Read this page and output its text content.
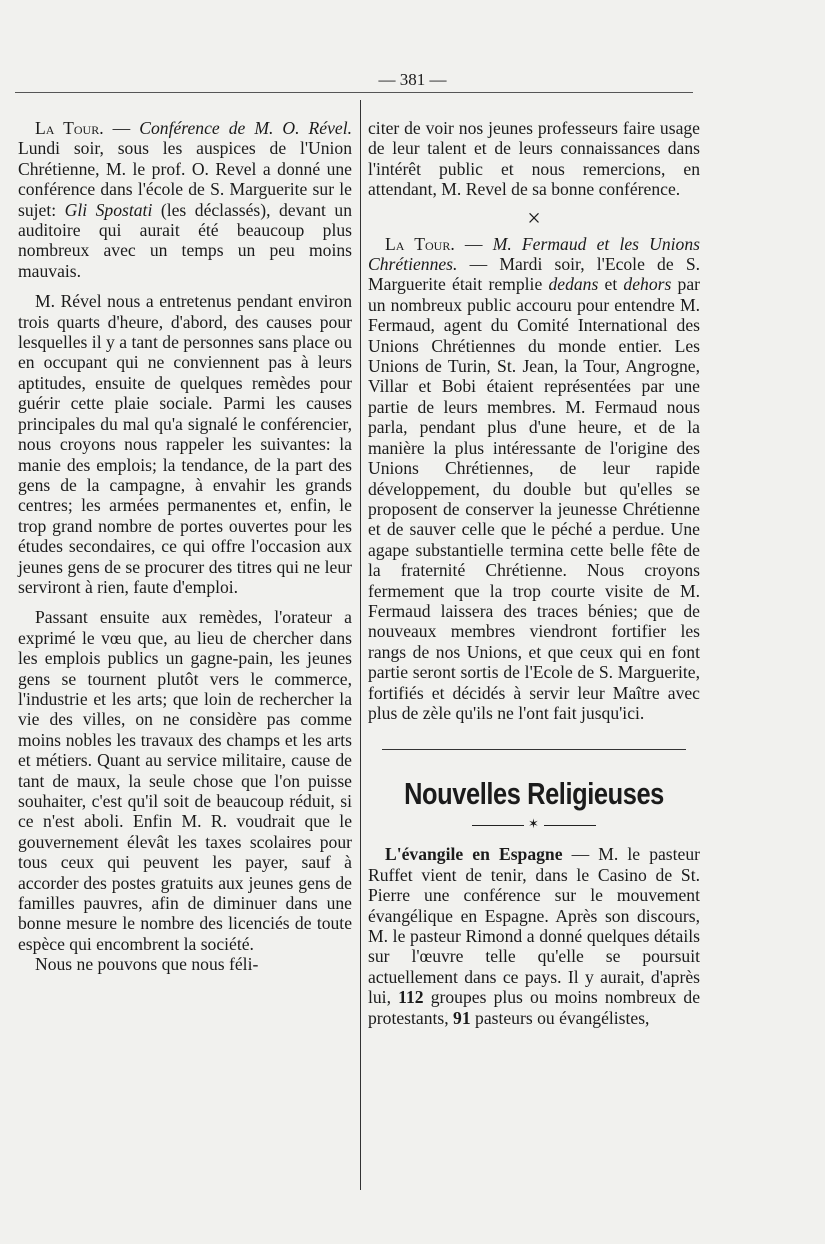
— 381 —

La Tour. — Conférence de M. O. Rével. Lundi soir, sous les auspices de l'Union Chrétienne, M. le prof. O. Revel a donné une conférence dans l'école de S. Marguerite sur le sujet: Gli Spostati (les déclassés), devant un auditoire qui aurait été beaucoup plus nombreux avec un temps un peu moins mauvais.

M. Rével nous a entretenus pendant environ trois quarts d'heure, d'abord, des causes pour lesquelles il y a tant de personnes sans place ou en occupant qui ne conviennent pas à leurs aptitudes, ensuite de quelques remèdes pour guérir cette plaie sociale. Parmi les causes principales du mal qu'a signalé le conférencier, nous croyons nous rappeler les suivantes: la manie des emplois; la tendance, de la part des gens de la campagne, à envahir les grands centres; les armées permanentes et, enfin, le trop grand nombre de portes ouvertes pour les études secondaires, ce qui offre l'occasion aux jeunes gens de se procurer des titres qui ne leur serviront à rien, faute d'emploi.

Passant ensuite aux remèdes, l'orateur a exprimé le vœu que, au lieu de chercher dans les emplois publics un gagne-pain, les jeunes gens se tournent plutôt vers le commerce, l'industrie et les arts; que loin de rechercher la vie des villes, on ne considère pas comme moins nobles les travaux des champs et les arts et métiers. Quant au service militaire, cause de tant de maux, la seule chose que l'on puisse souhaiter, c'est qu'il soit de beaucoup réduit, si ce n'est aboli. Enfin M. R. voudrait que le gouvernement élevât les taxes scolaires pour tous ceux qui peuvent les payer, sauf à accorder des postes gratuits aux jeunes gens de familles pauvres, afin de diminuer dans une bonne mesure le nombre des licenciés de toute espèce qui encombrent la société.

Nous ne pouvons que nous féli-

citer de voir nos jeunes professeurs faire usage de leur talent et de leurs connaissances dans l'intérêt public et nous remercions, en attendant, M. Revel de sa bonne conférence.

×

La Tour. — M. Fermaud et les Unions Chrétiennes. — Mardi soir, l'Ecole de S. Marguerite était remplie dedans et dehors par un nombreux public accouru pour entendre M. Fermaud, agent du Comité International des Unions Chrétiennes du monde entier. Les Unions de Turin, St. Jean, la Tour, Angrogne, Villar et Bobi étaient représentées par une partie de leurs membres. M. Fermaud nous parla, pendant plus d'une heure, et de la manière la plus intéressante de l'origine des Unions Chrétiennes, de leur rapide développement, du double but qu'elles se proposent de conserver la jeunesse Chrétienne et de sauver celle que le péché a perdue. Une agape substantielle termina cette belle fête de la fraternité Chrétienne. Nous croyons fermement que la trop courte visite de M. Fermaud laissera des traces bénies; que de nouveaux membres viendront fortifier les rangs de nos Unions, et que ceux qui en font partie seront sortis de l'Ecole de S. Marguerite, fortifiés et décidés à servir leur Maître avec plus de zèle qu'ils ne l'ont fait jusqu'ici.

Nouvelles Religieuses
✶

L'évangile en Espagne — M. le pasteur Ruffet vient de tenir, dans le Casino de St. Pierre une conférence sur le mouvement évangélique en Espagne. Après son discours, M. le pasteur Rimond a donné quelques détails sur l'œuvre telle qu'elle se poursuit actuellement dans ce pays. Il y aurait, d'après lui, 112 groupes plus ou moins nombreux de protestants, 91 pasteurs ou évangélistes,
